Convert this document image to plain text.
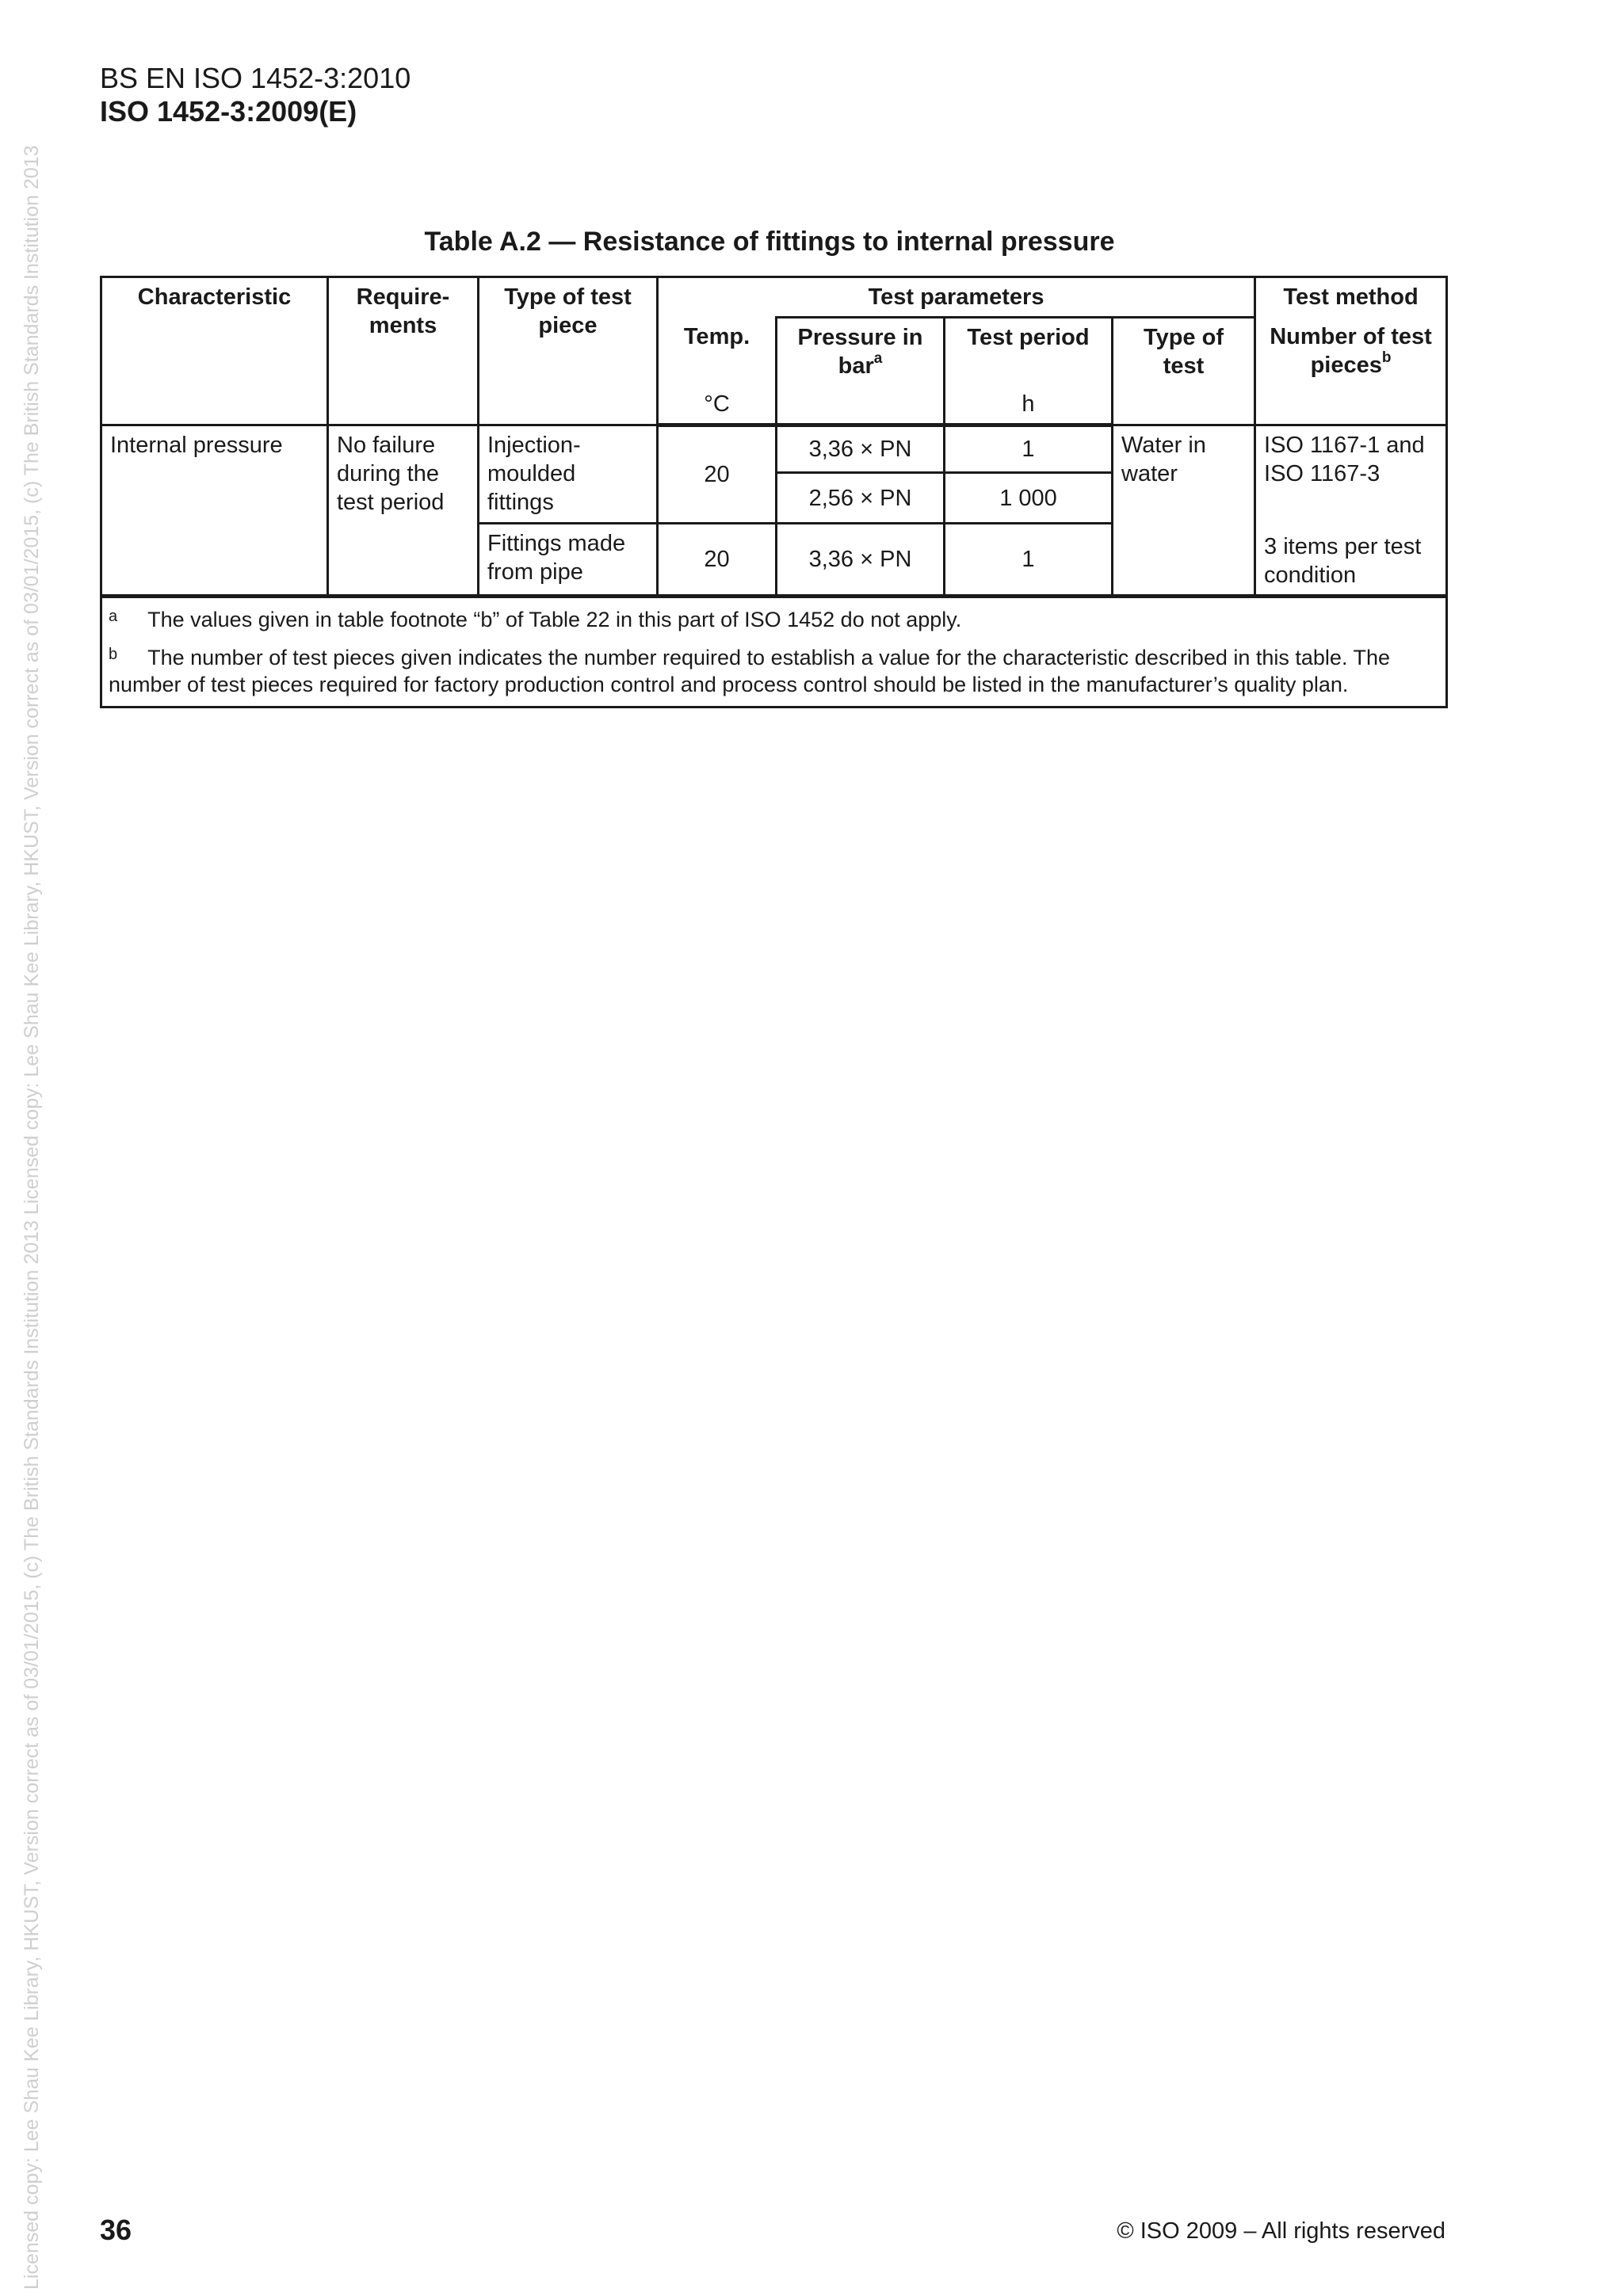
Licensed copy: Lee Shau Kee Library, HKUST, Version correct as of 03/01/2015, (c) The British Standards Institution 2013 Licensed copy: Lee Shau Kee Library, HKUST, Version correct as of 03/01/2015, (c) The British Standards Institution 2013
BS EN ISO 1452-3:2010
ISO 1452-3:2009(E)
Table A.2 — Resistance of fittings to internal pressure
Characteristic	Require-ments	Type of test piece	Test parameters				Test method
			Temp.	Pressure in bar$^a$	Test period	Type of test	Number of test pieces$^b$
			°C		h		
Internal pressure	No failure during the test period	Injection-moulded fittings	20	3,36 × PN	1	Water in water	ISO 1167-1 and ISO 1167-3
				2,56 × PN	1 000		
		Fittings made from pipe	20	3,36 × PN	1		3 items per test condition

$^a$ The values given in table footnote “b” of Table 22 in this part of ISO 1452 do not apply.

$^b$ The number of test pieces given indicates the number required to establish a value for the characteristic described in this table. The number of test pieces required for factory production control and process control should be listed in the manufacturer’s quality plan.							

36	© ISO 2009 – All rights reserved
